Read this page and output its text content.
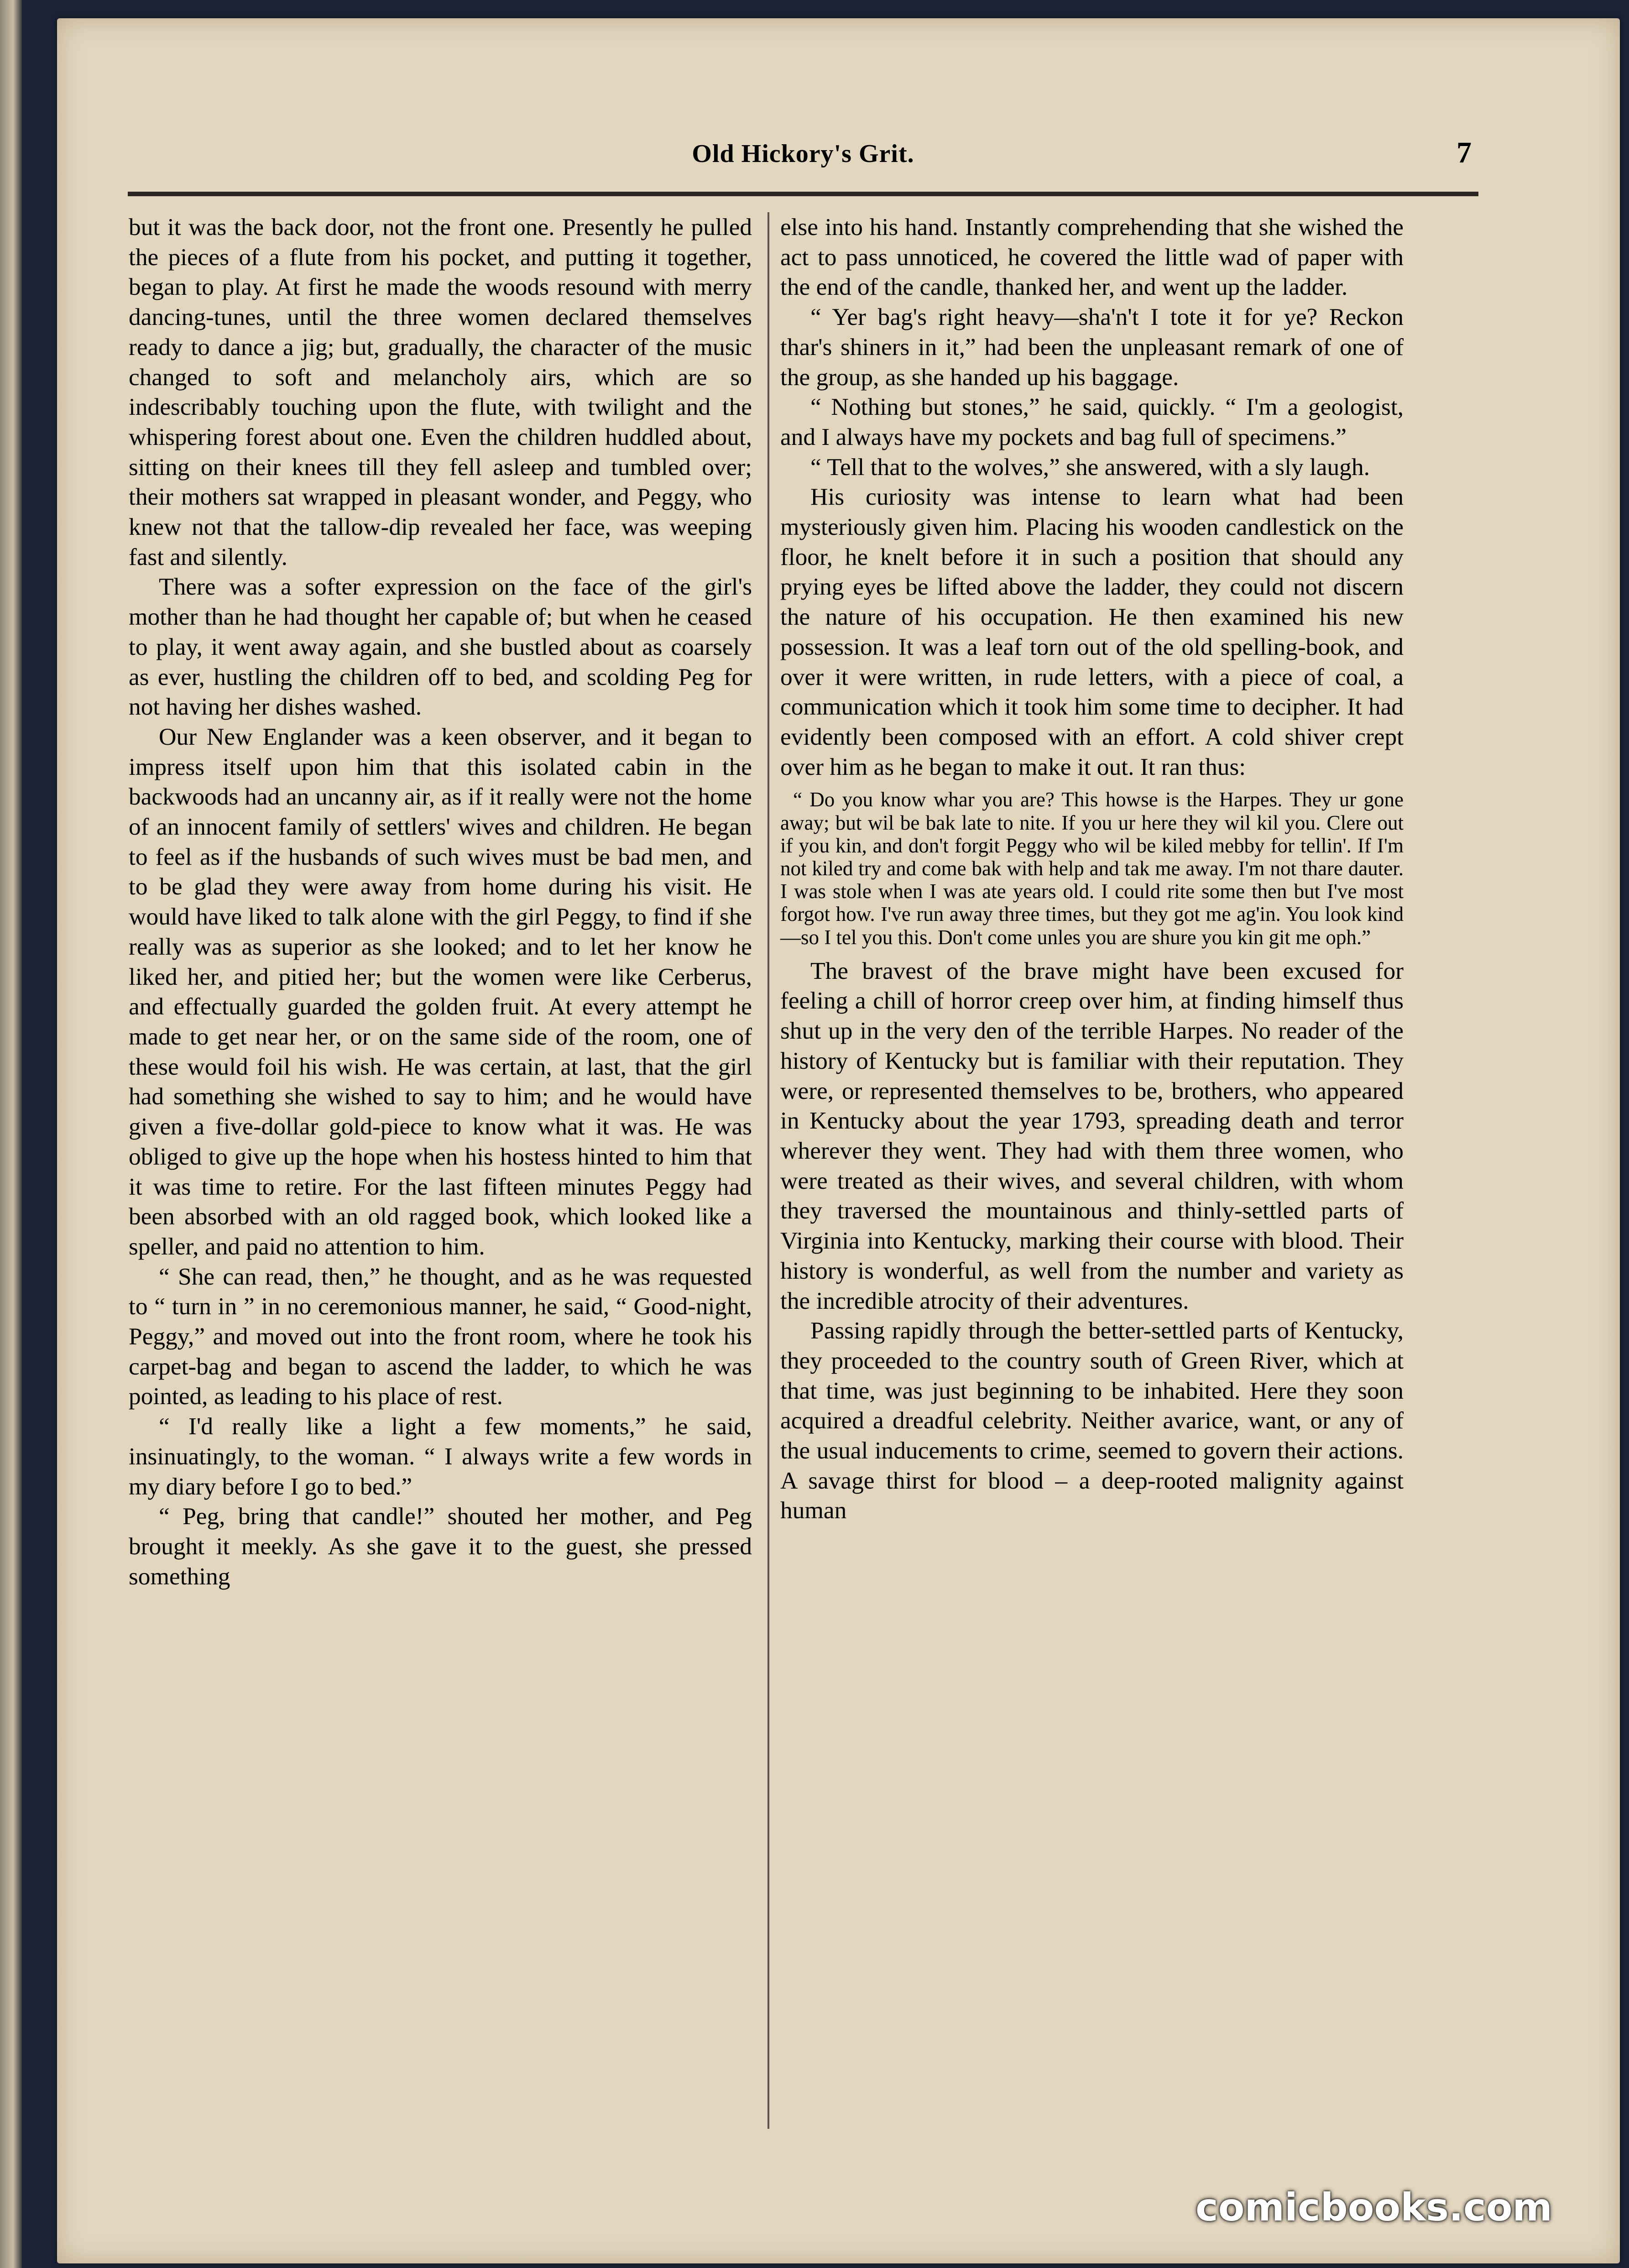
Old Hickory's Grit.	7

but it was the back door, not the front one. Presently he pulled the pieces of a flute from his pocket, and putting it together, began to play. At first he made the woods resound with merry dancing-tunes, until the three women declared themselves ready to dance a jig; but, gradually, the character of the music changed to soft and melancholy airs, which are so indescribably touching upon the flute, with twilight and the whispering forest about one. Even the children huddled about, sitting on their knees till they fell asleep and tumbled over; their mothers sat wrapped in pleasant wonder, and Peggy, who knew not that the tallow-dip revealed her face, was weeping fast and silently.

There was a softer expression on the face of the girl's mother than he had thought her capable of; but when he ceased to play, it went away again, and she bustled about as coarsely as ever, hustling the children off to bed, and scolding Peg for not having her dishes washed.

Our New Englander was a keen observer, and it began to impress itself upon him that this isolated cabin in the backwoods had an uncanny air, as if it really were not the home of an innocent family of settlers' wives and children. He began to feel as if the husbands of such wives must be bad men, and to be glad they were away from home during his visit. He would have liked to talk alone with the girl Peggy, to find if she really was as superior as she looked; and to let her know he liked her, and pitied her; but the women were like Cerberus, and effectually guarded the golden fruit. At every attempt he made to get near her, or on the same side of the room, one of these would foil his wish. He was certain, at last, that the girl had something she wished to say to him; and he would have given a five-dollar gold-piece to know what it was. He was obliged to give up the hope when his hostess hinted to him that it was time to retire. For the last fifteen minutes Peggy had been absorbed with an old ragged book, which looked like a speller, and paid no attention to him.

“ She can read, then,” he thought, and as he was requested to “ turn in ” in no ceremonious manner, he said, “ Good-night, Peggy,” and moved out into the front room, where he took his carpet-bag and began to ascend the ladder, to which he was pointed, as leading to his place of rest.

“ I'd really like a light a few moments,” he said, insinuatingly, to the woman. “ I always write a few words in my diary before I go to bed.”

“ Peg, bring that candle!” shouted her mother, and Peg brought it meekly. As she gave it to the guest, she pressed something

else into his hand. Instantly comprehending that she wished the act to pass unnoticed, he covered the little wad of paper with the end of the candle, thanked her, and went up the ladder.

“ Yer bag's right heavy—sha'n't I tote it for ye? Reckon thar's shiners in it,” had been the unpleasant remark of one of the group, as she handed up his baggage.

“ Nothing but stones,” he said, quickly. “ I'm a geologist, and I always have my pockets and bag full of specimens.”

“ Tell that to the wolves,” she answered, with a sly laugh.

His curiosity was intense to learn what had been mysteriously given him. Placing his wooden candlestick on the floor, he knelt before it in such a position that should any prying eyes be lifted above the ladder, they could not discern the nature of his occupation. He then examined his new possession. It was a leaf torn out of the old spelling-book, and over it were written, in rude letters, with a piece of coal, a communication which it took him some time to decipher. It had evidently been composed with an effort. A cold shiver crept over him as he began to make it out. It ran thus:

“ Do you know whar you are? This howse is the Harpes. They ur gone away; but wil be bak late to nite. If you ur here they wil kil you. Clere out if you kin, and don't forgit Peggy who wil be kiled mebby for tellin'. If I'm not kiled try and come bak with help and tak me away. I'm not thare dauter. I was stole when I was ate years old. I could rite some then but I've most forgot how. I've run away three times, but they got me ag'in. You look kind—so I tel you this. Don't come unles you are shure you kin git me oph.”

The bravest of the brave might have been excused for feeling a chill of horror creep over him, at finding himself thus shut up in the very den of the terrible Harpes. No reader of the history of Kentucky but is familiar with their reputation. They were, or represented themselves to be, brothers, who appeared in Kentucky about the year 1793, spreading death and terror wherever they went. They had with them three women, who were treated as their wives, and several children, with whom they traversed the mountainous and thinly-settled parts of Virginia into Kentucky, marking their course with blood. Their history is wonderful, as well from the number and variety as the incredible atrocity of their adventures.

Passing rapidly through the better-settled parts of Kentucky, they proceeded to the country south of Green River, which at that time, was just beginning to be inhabited. Here they soon acquired a dreadful celebrity. Neither avarice, want, or any of the usual inducements to crime, seemed to govern their actions. A savage thirst for blood – a deep-rooted malignity against human

comicbooks.com
